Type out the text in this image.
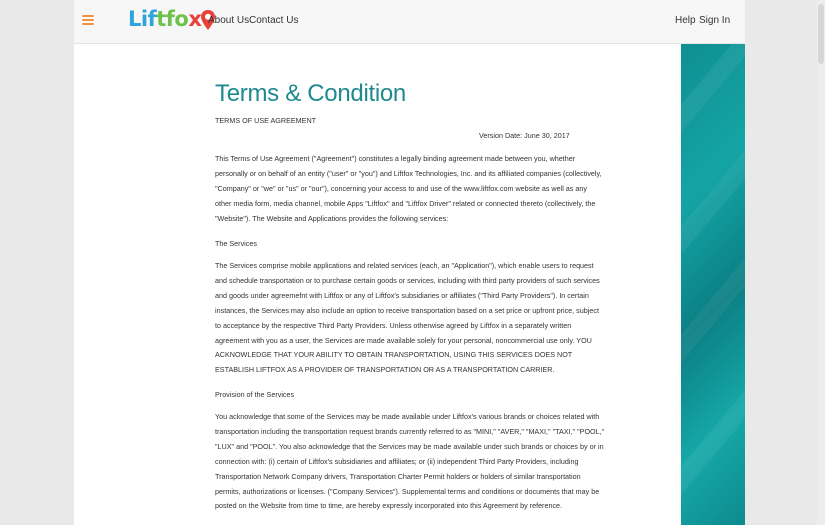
Liftfox About Us Contact Us	Help Sign In
Terms & Condition
TERMS OF USE AGREEMENT
Version Date: June 30, 2017

This Terms of Use Agreement ("Agreement") constitutes a legally binding agreement made between you, whether personally or on behalf of an entity ("user" or "you") and Liftfox Technologies, Inc. and its affiliated companies (collectively, "Company" or "we" or "us" or "our"), concerning your access to and use of the www.liftfox.com website as well as any other media form, media channel, mobile Apps "Liftfox" and "Liftfox Driver" related or connected thereto (collectively, the "Website"). The Website and Applications provides the following services:

The Services

The Services comprise mobile applications and related services (each, an "Application"), which enable users to request and schedule transportation or to purchase certain goods or services, including with third party providers of such services and goods under agreemefnt with Liftfox or any of Liftfox's subsidiaries or affiliates ("Third Party Providers"). In certain instances, the Services may also include an option to receive transportation based on a set price or upfront price, subject to acceptance by the respective Third Party Providers. Unless otherwise agreed by Liftfox in a separately written agreement with you as a user, the Services are made available solely for your personal, noncommercial use only. YOU ACKNOWLEDGE THAT YOUR ABILITY TO OBTAIN TRANSPORTATION, USING THIS SERVICES DOES NOT ESTABLISH LIFTFOX AS A PROVIDER OF TRANSPORTATION OR AS A TRANSPORTATION CARRIER.

Provision of the Services

You acknowledge that some of the Services may be made available under Liftfox's various brands or choices related with transportation including the transportation request brands currently referred to as "MINI," "AVER," "MAXI," "TAXI," "POOL," "LUX" and "POOL". You also acknowledge that the Services may be made available under such brands or choices by or in connection with: (i) certain of Liftfox's subsidiaries and affiliates; or (ii) independent Third Party Providers, including Transportation Network Company drivers, Transportation Charter Permit holders or holders of similar transportation permits, authorizations or licenses. ("Company Services"). Supplemental terms and conditions or documents that may be posted on the Website from time to time, are hereby expressly incorporated into this Agreement by reference.
